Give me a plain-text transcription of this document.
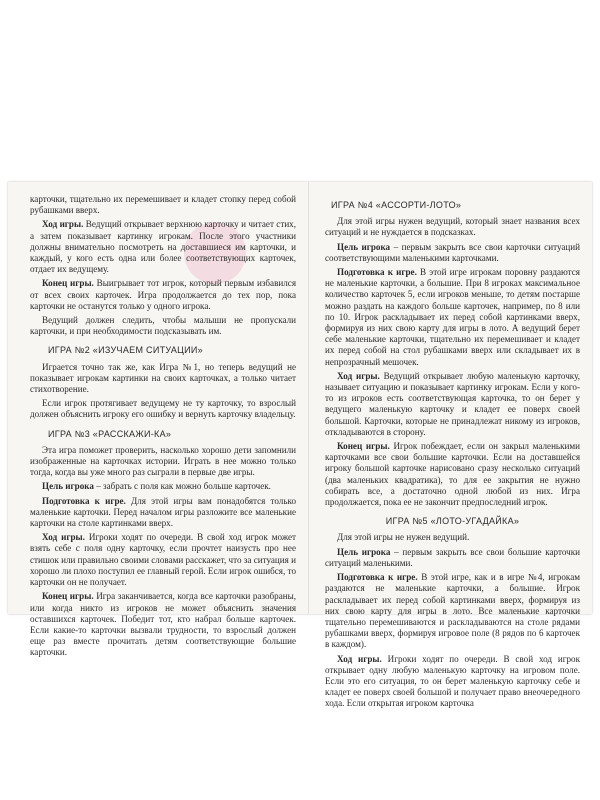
карточки, тщательно их перемешивает и кладет стопку перед собой рубашками вверх.

Ход игры. Ведущий открывает верхнюю карточку и читает стих, а затем показывает картинку игрокам. После этого участники должны внимательно посмотреть на доставшиеся им карточки, и каждый, у кого есть одна или более соответствующих карточек, отдает их ведущему.

Конец игры. Выигрывает тот игрок, который первым избавился от всех своих карточек. Игра продолжается до тех пор, пока карточки не останутся только у одного игрока.

Ведущий должен следить, чтобы малыши не пропускали карточки, и при необходимости подсказывать им.

ИГРА №2 «ИЗУЧАЕМ СИТУАЦИИ»

Играется точно так же, как Игра №1, но теперь ведущий не показывает игрокам картинки на своих карточках, а только читает стихотворение.

Если игрок протягивает ведущему не ту карточку, то взрослый должен объяснить игроку его ошибку и вернуть карточку владельцу.

ИГРА №3 «РАССКАЖИ-КА»

Эта игра поможет проверить, насколько хорошо дети запомнили изображенные на карточках истории. Играть в нее можно только тогда, когда вы уже много раз сыграли в первые две игры.

Цель игрока – забрать с поля как можно больше карточек.

Подготовка к игре. Для этой игры вам понадобятся только маленькие карточки. Перед началом игры разложите все маленькие карточки на столе картинками вверх.

Ход игры. Игроки ходят по очереди. В свой ход игрок может взять себе с поля одну карточку, если прочтет наизусть про нее стишок или правильно своими словами расскажет, что за ситуация и хорошо ли плохо поступил ее главный герой. Если игрок ошибся, то карточки он не получает.

Конец игры. Игра заканчивается, когда все карточки разобраны, или когда никто из игроков не может объяснить значения оставшихся карточек. Победит тот, кто набрал больше карточек. Если какие-то карточки вызвали трудности, то взрослый должен еще раз вместе прочитать детям соответствующие большие карточки.

ИГРА №4 «АССОРТИ-ЛОТО»

Для этой игры нужен ведущий, который знает названия всех ситуаций и не нуждается в подсказках.

Цель игрока – первым закрыть все свои карточки ситуаций соответствующими маленькими карточками.

Подготовка к игре. В этой игре игрокам поровну раздаются не маленькие карточки, а большие. При 8 игроках максимальное количество карточек 5, если игроков меньше, то детям постарше можно раздать на каждого больше карточек, например, по 8 или по 10. Игрок раскладывает их перед собой картинками вверх, формируя из них свою карту для игры в лото. А ведущий берет себе маленькие карточки, тщательно их перемешивает и кладет их перед собой на стол рубашками вверх или складывает их в непрозрачный мешочек.

Ход игры. Ведущий открывает любую маленькую карточку, называет ситуацию и показывает картинку игрокам. Если у кого-то из игроков есть соответствующая карточка, то он берет у ведущего маленькую карточку и кладет ее поверх своей большой. Карточки, которые не принадлежат никому из игроков, откладываются в сторону.

Конец игры. Игрок побеждает, если он закрыл маленькими карточками все свои большие карточки. Если на доставшейся игроку большой карточке нарисовано сразу несколько ситуаций (два маленьких квадратика), то для ее закрытия не нужно собирать все, а достаточно одной любой из них. Игра продолжается, пока ее не закончит предпоследний игрок.

ИГРА №5 «ЛОТО-УГАДАЙКА»

Для этой игры не нужен ведущий.

Цель игрока – первым закрыть все свои большие карточки ситуаций маленькими.

Подготовка к игре. В этой игре, как и в игре №4, игрокам раздаются не маленькие карточки, а большие. Игрок раскладывает их перед собой картинками вверх, формируя из них свою карту для игры в лото. Все маленькие карточки тщательно перемешиваются и раскладываются на столе рядами рубашками вверх, формируя игровое поле (8 рядов по 6 карточек в каждом).

Ход игры. Игроки ходят по очереди. В свой ход игрок открывает одну любую маленькую карточку на игровом поле. Если это его ситуация, то он берет маленькую карточку себе и кладет ее поверх своей большой и получает право внеочередного хода. Если открытая игроком карточка
